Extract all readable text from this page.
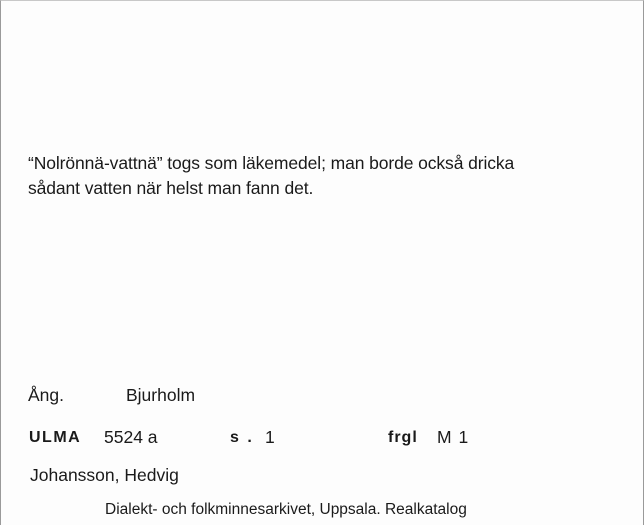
“Nolrönnä-vattnä” togs som läkemedel; man borde också dricka
sådant vatten när helst man fann det.
Ång.	Bjurholm
ULMA 5524 a	s . 1	frgl M 1
Johansson, Hedvig
Dialekt- och folkminnesarkivet, Uppsala. Realkatalog
